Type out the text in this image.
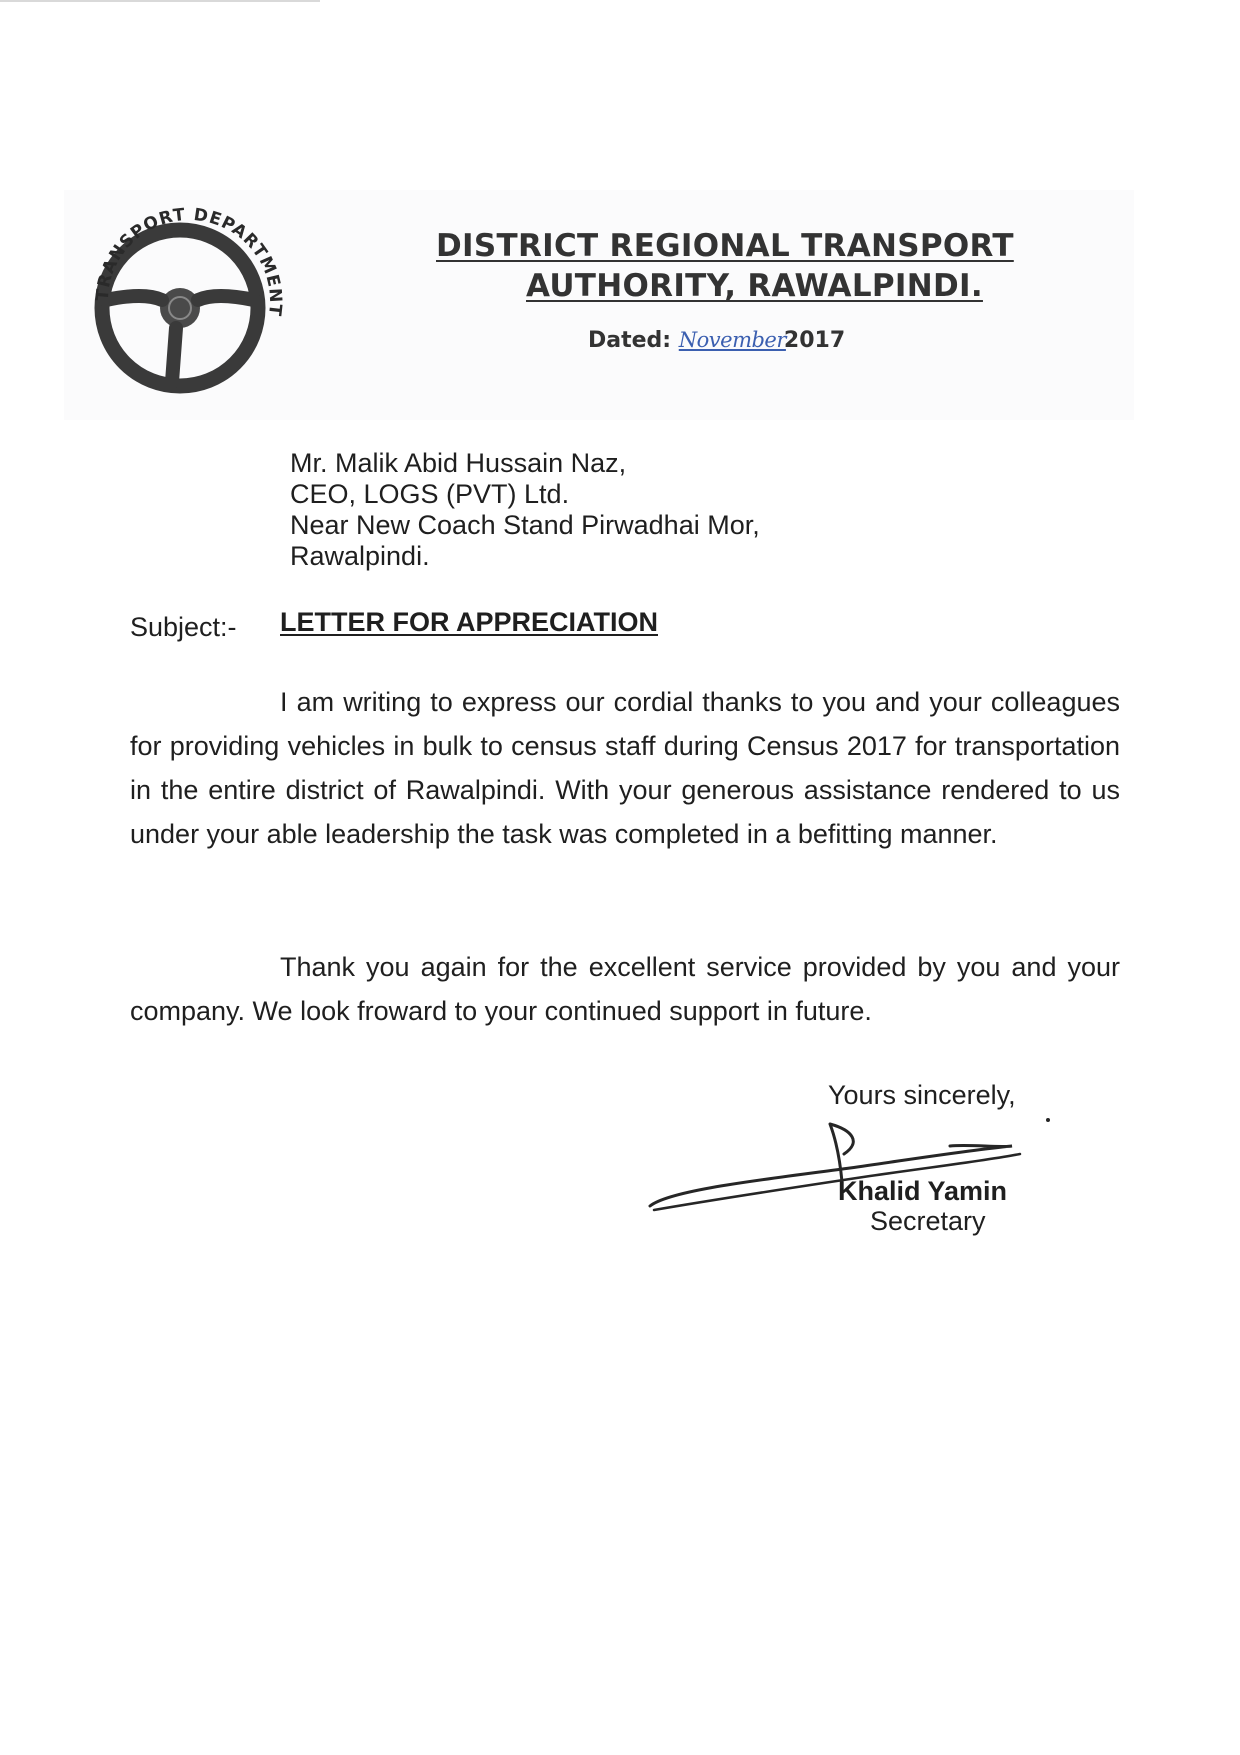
TRANSPORT DEPARTMENT
DISTRICT REGIONAL TRANSPORT
AUTHORITY, RAWALPINDI.
Dated: November2017
Mr. Malik Abid Hussain Naz,
CEO, LOGS (PVT) Ltd.
Near New Coach Stand Pirwadhai Mor,
Rawalpindi.
Subject:- LETTER FOR APPRECIATION
I am writing to express our cordial thanks to you and your colleagues for providing vehicles in bulk to census staff during Census 2017 for transportation in the entire district of Rawalpindi. With your generous assistance rendered to us under your able leadership the task was completed in a befitting manner.
Thank you again for the excellent service provided by you and your company. We look froward to your continued support in future.
Yours sincerely,
Khalid Yamin
Secretary
